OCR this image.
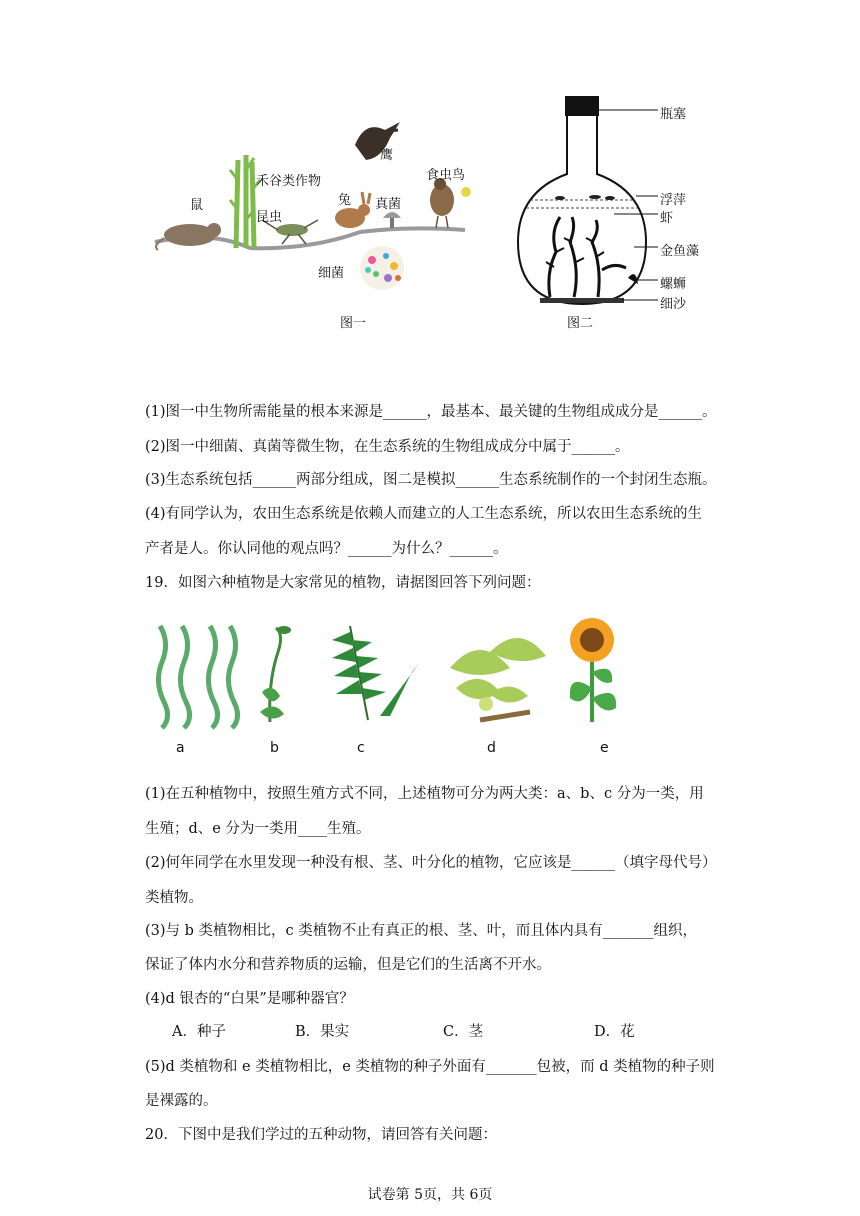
鹰
禾谷类作物	食虫鸟
鼠	兔 真菌
昆虫
细菌
图一
瓶塞
浮萍
虾
金鱼藻
螺蛳
细沙
图二
(1)图一中生物所需能量的根本来源是______，最基本、最关键的生物组成成分是______。
(2)图一中细菌、真菌等微生物，在生态系统的生物组成成分中属于______。
(3)生态系统包括______两部分组成，图二是模拟______生态系统制作的一个封闭生态瓶。
(4)有同学认为，农田生态系统是依赖人而建立的人工生态系统，所以农田生态系统的生
产者是人。你认同他的观点吗？______为什么？______。
19．如图六种植物是大家常见的植物，请据图回答下列问题：
a	b	c	d	e
(1)在五种植物中，按照生殖方式不同，上述植物可分为两大类：a、b、c 分为一类，用
生殖；d、e 分为一类用____生殖。
(2)何年同学在水里发现一种没有根、茎、叶分化的植物，它应该是______（填字母代号）
类植物。
(3)与 b 类植物相比，c 类植物不止有真正的根、茎、叶，而且体内具有_______组织，
保证了体内水分和营养物质的运输，但是它们的生活离不开水。
(4)d 银杏的“白果”是哪种器官？
A．种子	B．果实	C．茎	D．花
(5)d 类植物和 e 类植物相比，e 类植物的种子外面有_______包被，而 d 类植物的种子则
是裸露的。
20．下图中是我们学过的五种动物，请回答有关问题：
试卷第 5页，共 6页
